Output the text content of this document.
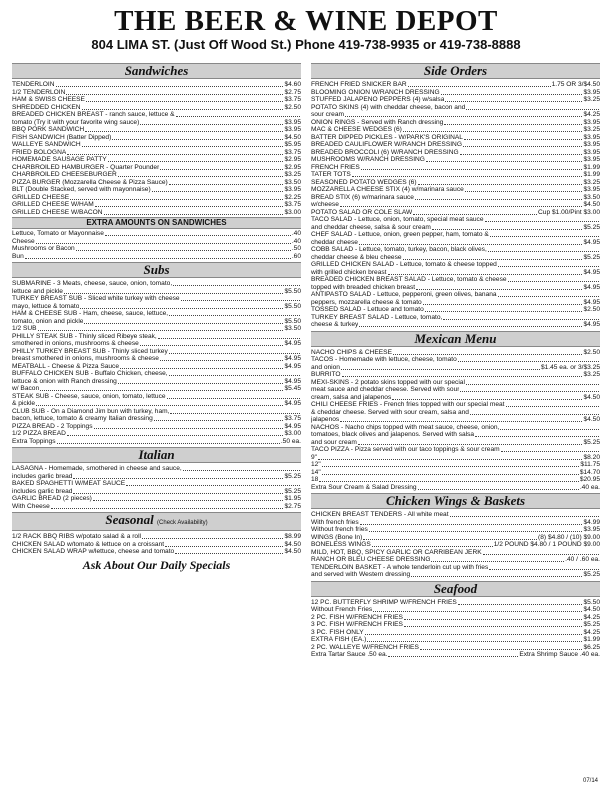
THE BEER & WINE DEPOT
804 LIMA ST. (Just Off Wood St.) Phone 419-738-9935 or 419-738-8888
Sandwiches
TENDERLOIN	$4.60
1/2 TENDERLOIN	$2.75
HAM & SWISS CHEESE	$3.75
SHREDDED CHICKEN	$2.50
BREADED CHICKEN BREAST - ranch sauce, lettuce &
tomato (Try it with your favorite wing sauce)	$3.95
BBQ PORK SANDWICH	$3.95
FISH SANDWICH (Batter Dipped)	$4.50
WALLEYE SANDWICH	$5.95
FRIED BOLOGNA	$3.75
HOMEMADE SAUSAGE PATTY	$2.95
CHARBROILED HAMBURGER - Quarter Pounder	$2.95
CHARBROILED CHEESEBURGER	$3.25
PIZZA BURGER (Mozzarella Cheese & Pizza Sauce)	$3.50
BLT (Double Stacked, served with mayonnaise)	$3.95
GRILLED CHEESE	$2.25
GRILLED CHEESE W/HAM	$3.75
GRILLED CHEESE W/BACON	$3.00
EXTRA AMOUNTS ON SANDWICHES
Lettuce, Tomato or Mayonnaise	.40
Cheese	.40
Mushrooms or Bacon	.50
Bun	.60
Subs
SUBMARINE - 3 Meats, cheese, sauce, onion, tomato,
lettuce and pickle	$5.50
TURKEY BREAST SUB - Sliced white turkey with cheese
mayo, lettuce & tomato	$5.50
HAM & CHEESE SUB - Ham, cheese, sauce, lettuce,
tomato, onion and pickle	$5.50
1/2 SUB	$3.50
PHILLY STEAK SUB - Thinly sliced Ribeye steak,
smothered in onions, mushrooms & cheese	$4.95
PHILLY TURKEY BREAST SUB - Thinly sliced turkey
breast smothered in onions, mushrooms & cheese	$4.95
MEATBALL - Cheese & Pizza Sauce	$4.95
BUFFALO CHICKEN SUB - Buffalo Chicken, cheese,
lettuce & onion with Ranch dressing	$4.95
w/ Bacon	$5.45
STEAK SUB - Cheese, sauce, onion, tomato, lettuce
& pickle	$4.95
CLUB SUB - On a Diamond Jim bun with turkey, ham,
bacon, lettuce, tomato & creamy Italian dressing	$3.75
PIZZA BREAD - 2 Toppings	$4.95
1/2 PIZZA BREAD	$3.00
Extra Toppings	.50 ea.
Italian
LASAGNA - Homemade, smothered in cheese and sauce,
includes garlic bread	$5.25
BAKED SPAGHETTI W/MEAT SAUCE
includes garlic bread	$5.25
GARLIC BREAD (2 pieces)	$1.95
With Cheese	$2.75
Seasonal (Check Availability)
1/2 RACK BBQ RIBS w/potato salad & a roll	$8.99
CHICKEN SALAD w/tomato & lettuce on a croissant	$4.50
CHICKEN SALAD WRAP w/lettuce, cheese and tomato	$4.50
Ask About Our Daily Specials
Side Orders
FRENCH FRIED SNICKER BAR	1.75 OR 3/$4.50
BLOOMING ONION W/RANCH DRESSING	$3.95
STUFFED JALAPENO PEPPERS (4) w/salsa	$3.25
POTATO SKINS (4) with cheddar cheese, bacon and
sour cream	$4.25
ONION RINGS - Served with Ranch dressing	$3.95
MAC & CHEESE WEDGES (6)	$3.25
BATTER DIPPED PICKLES - W/PARK'S ORIGINAL	$3.95
BREADED CAULIFLOWER W/RANCH DRESSING	$3.95
BREADED BROCCOLI (6) W/RANCH DRESSING	$3.95
MUSHROOMS W/RANCH DRESSING	$3.95
FRENCH FRIES	$1.99
TATER TOTS	$1.99
SEASONED POTATO WEDGES (6)	$3.25
MOZZARELLA CHEESE STIX (4) w/marinara sauce	$3.95
BREAD STIX (6) w/marinara sauce	$3.50
w/cheese	$4.50
POTATO SALAD OR COLE SLAW	Cup $1.00/Pint $3.00
TACO SALAD - Lettuce, onion, tomato, special meat sauce
and cheddar cheese, salsa & sour cream	$5.25
CHEF SALAD - Lettuce, onion, green pepper, ham, tomato &
cheddar cheese	$4.95
COBB SALAD - Lettuce, tomato, turkey, bacon, black olives,
cheddar cheese & bleu cheese	$5.25
GRILLED CHICKEN SALAD - Lettuce, tomato & cheese topped
with grilled chicken breast	$4.95
BREADED CHICKEN BREAST SALAD - Lettuce, tomato & cheese
topped with breaded chicken breast	$4.95
ANTIPASTO SALAD - Lettuce, pepperoni, green olives, banana
peppers, mozzarella cheese & tomato	$4.95
TOSSED SALAD - Lettuce and tomato	$2.50
TURKEY BREAST SALAD - Lettuce, tomato,
cheese & turkey	$4.95
Mexican Menu
NACHO CHIPS & CHEESE	$2.50
TACOS - Homemade with lettuce, cheese, tomato
and onion	$1.45 ea. or 3/$3.25
BURRITO	$3.25
MEXI-SKINS - 2 potato skins topped with our special
meat sauce and cheddar cheese. Served with sour
cream, salsa and jalapenos	$4.50
CHILI CHEESE FRIES - French fries topped with our special meat
& cheddar cheese. Served with sour cream, salsa and
jalapenos	$4.50
NACHOS - Nacho chips topped with meat sauce, cheese, onion,
tomatoes, black olives and jalapenos. Served with salsa
and sour cream	$5.25
TACO PIZZA - Pizza served with our taco toppings & sour cream
9"	$8.20
12"	$11.75
14"	$14.70
18	$20.95
Extra Sour Cream & Salad Dressing	.40 ea.
Chicken Wings & Baskets
CHICKEN BREAST TENDERS - All white meat
With french fries	$4.99
Without french fries	$3.95
WINGS (Bone In)	(8) $4.80 / (10) $9.00
BONELESS WINGS	1/2 POUND $4.80 / 1 POUND $9.00
MILD, HOT, BBQ, SPICY GARLIC OR CARRIBEAN JERK
RANCH OR BLEU CHEESE DRESSING	.40 / .60 ea.
TENDERLOIN BASKET - A whole tenderloin cut up with fries
and served with Western dressing	$5.25
Seafood
12 PC. BUTTERFLY SHRIMP W/FRENCH FRIES	$5.50
Without French Fries	$4.50
2 PC. FISH W/FRENCH FRIES	$4.25
3 PC. FISH W/FRENCH FRIES	$5.25
3 PC. FISH ONLY	$4.25
EXTRA FISH (EA.)	$1.99
2 PC. WALLEYE W/FRENCH FRIES	$6.25
Extra Tartar Sauce .50 ea.	Extra Shrimp Sauce .40 ea.
07/14
